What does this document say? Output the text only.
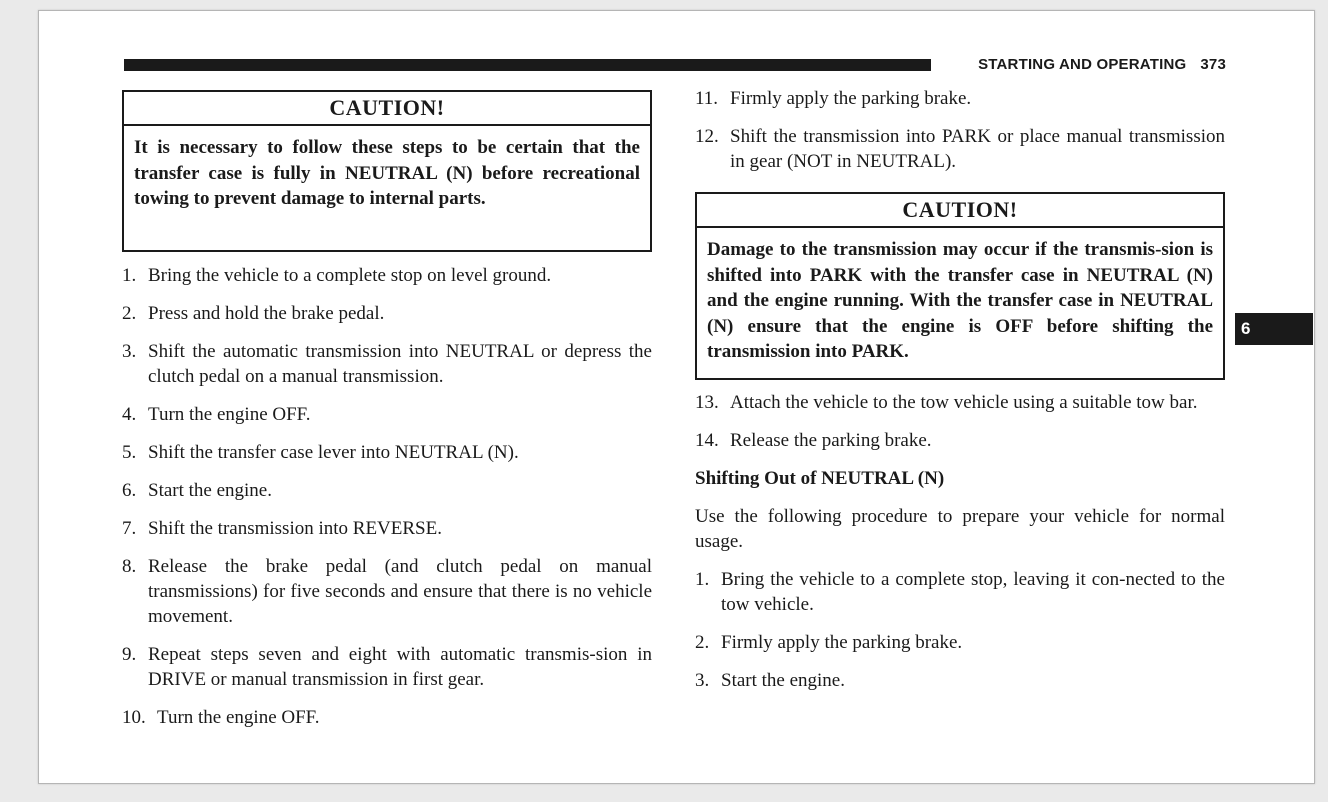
STARTING AND OPERATING 373
6
CAUTION!
It is necessary to follow these steps to be certain that the transfer case is fully in NEUTRAL (N) before recreational towing to prevent damage to internal parts.
1. Bring the vehicle to a complete stop on level ground.
2. Press and hold the brake pedal.
3. Shift the automatic transmission into NEUTRAL or depress the clutch pedal on a manual transmission.
4. Turn the engine OFF.
5. Shift the transfer case lever into NEUTRAL (N).
6. Start the engine.
7. Shift the transmission into REVERSE.
8. Release the brake pedal (and clutch pedal on manual transmissions) for five seconds and ensure that there is no vehicle movement.
9. Repeat steps seven and eight with automatic transmis-sion in DRIVE or manual transmission in first gear.
10. Turn the engine OFF.
11. Firmly apply the parking brake.
12. Shift the transmission into PARK or place manual transmission in gear (NOT in NEUTRAL).
CAUTION!
Damage to the transmission may occur if the transmis-sion is shifted into PARK with the transfer case in NEUTRAL (N) and the engine running. With the transfer case in NEUTRAL (N) ensure that the engine is OFF before shifting the transmission into PARK.
13. Attach the vehicle to the tow vehicle using a suitable tow bar.
14. Release the parking brake.
Shifting Out of NEUTRAL (N)
Use the following procedure to prepare your vehicle for normal usage.
1. Bring the vehicle to a complete stop, leaving it con-nected to the tow vehicle.
2. Firmly apply the parking brake.
3. Start the engine.
